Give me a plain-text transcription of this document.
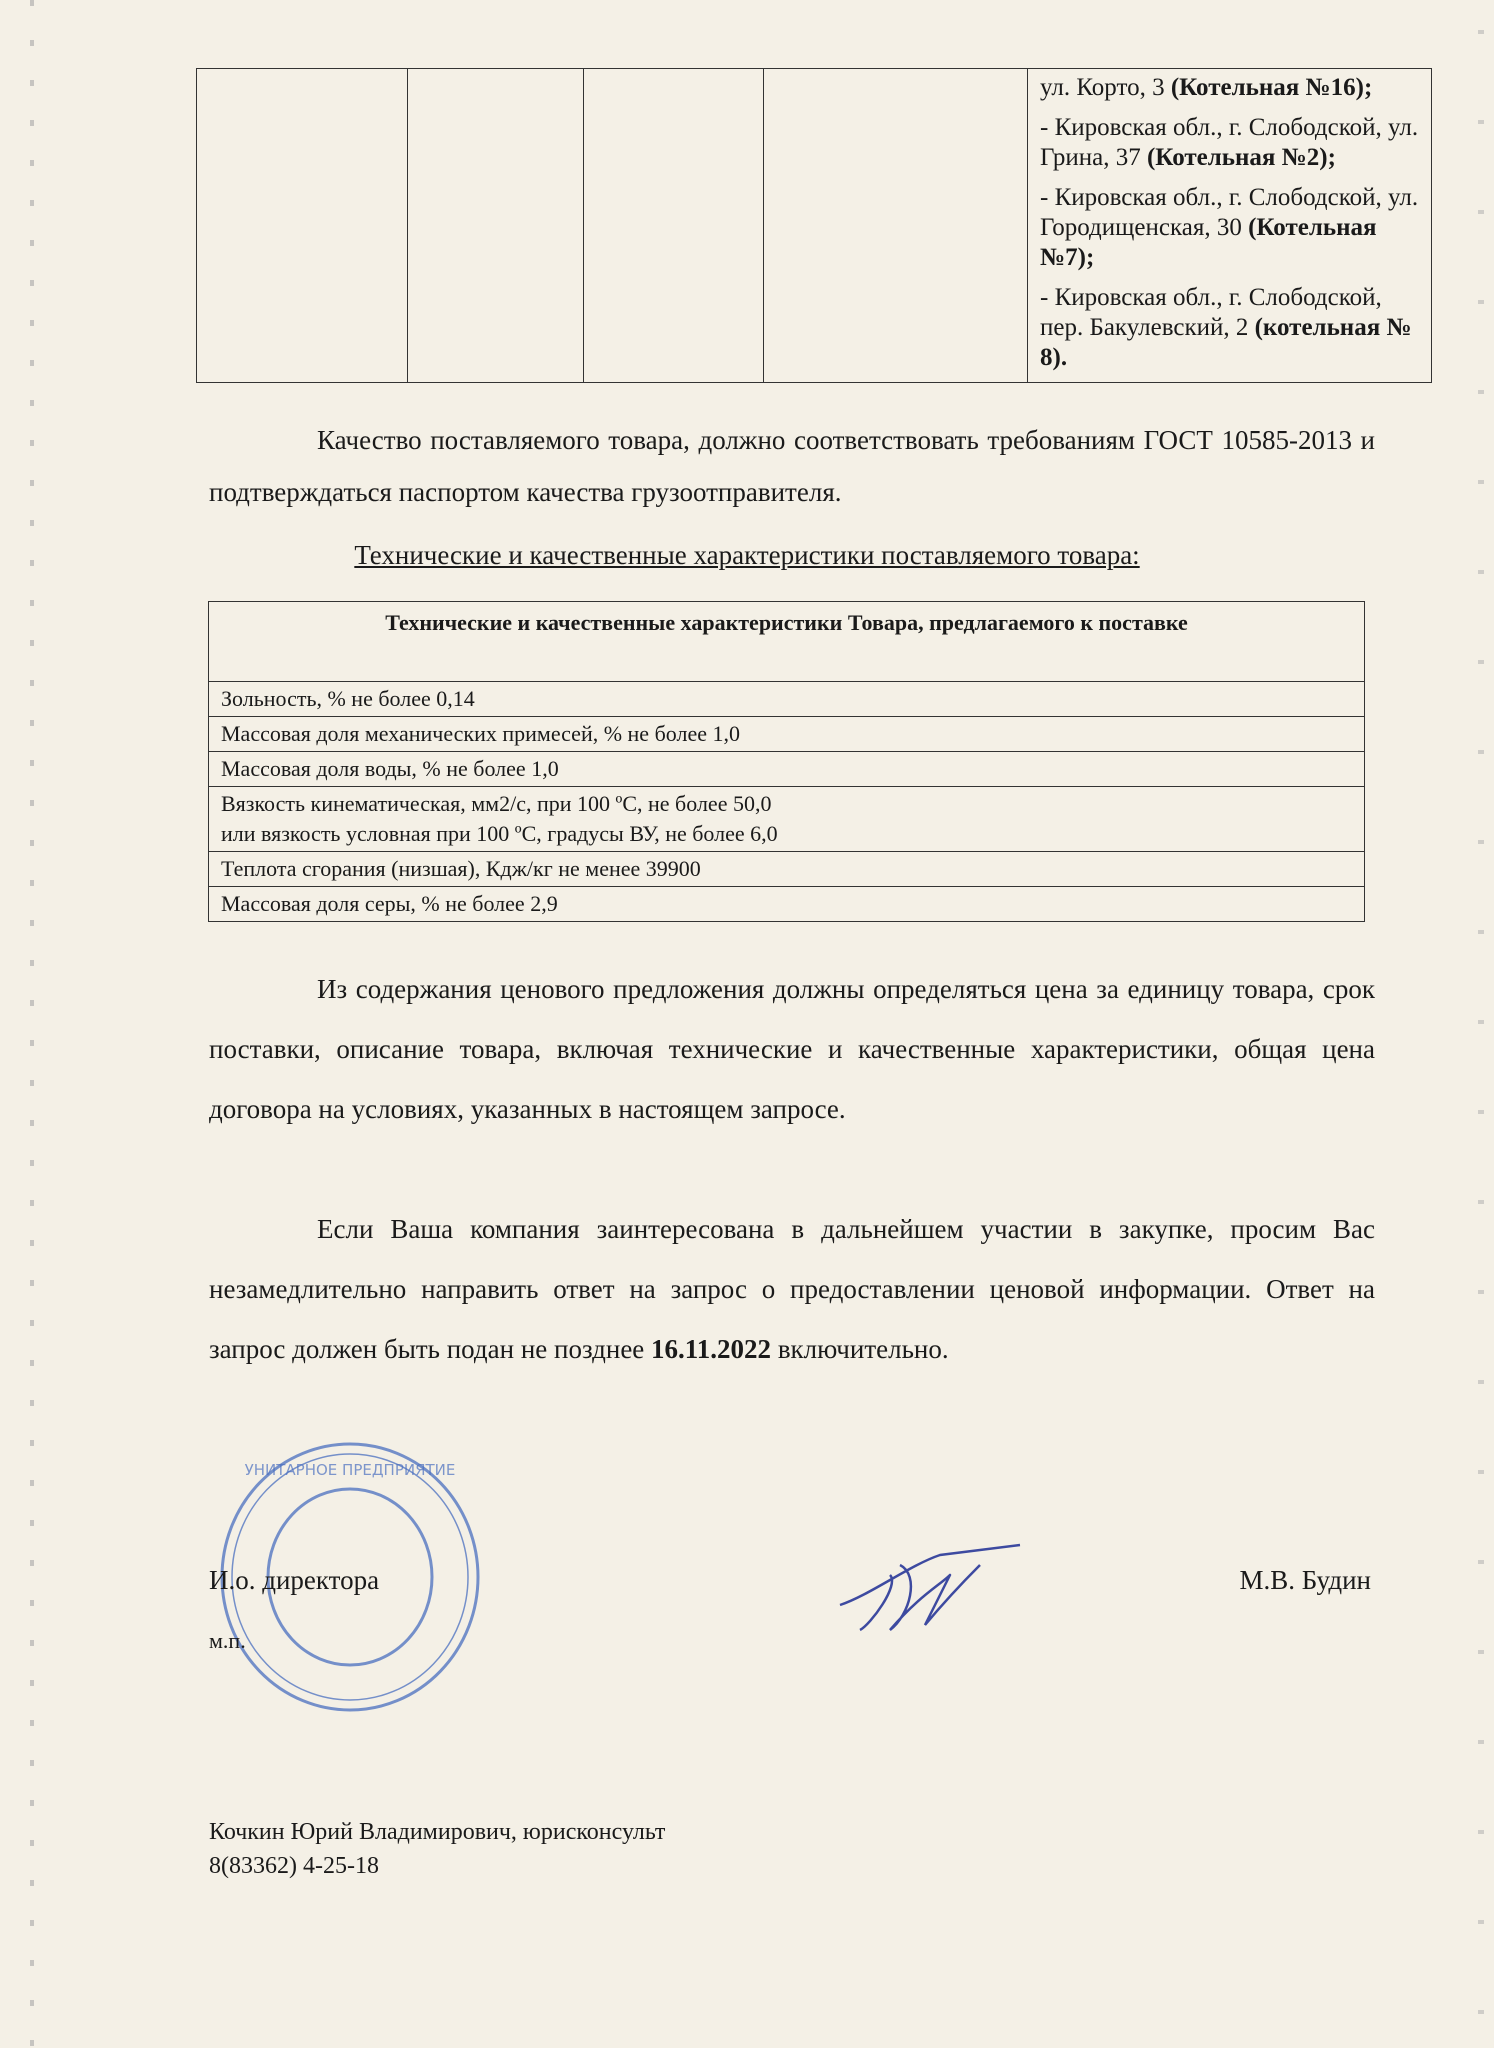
ул. Корто, 3 (Котельная №16);

- Кировская обл., г. Слободской, ул. Грина, 37 (Котельная №2);

- Кировская обл., г. Слободской, ул. Городищенская, 30 (Котельная №7);

- Кировская обл., г. Слободской, пер. Бакулевский, 2 (котельная № 8).

Качество поставляемого товара, должно соответствовать требованиям ГОСТ 10585-2013 и подтверждаться паспортом качества грузоотправителя.
Технические и качественные характеристики поставляемого товара:
Технические и качественные характеристики Товара, предлагаемого к поставке
Зольность, % не более 0,14
Массовая доля механических примесей, % не более 1,0
Массовая доля воды, % не более 1,0

Вязкость кинематическая, мм2/с, при 100 ºС, не более 50,0
или вязкость условная при 100 ºС, градусы ВУ, не более 6,0

Теплота сгорания (низшая), Кдж/кг не менее 39900
Массовая доля серы, % не более 2,9
Из содержания ценового предложения должны определяться цена за единицу товара, срок поставки, описание товара, включая технические и качественные характеристики, общая цена договора на условиях, указанных в настоящем запросе.
Если Ваша компания заинтересована в дальнейшем участии в закупке, просим Вас незамедлительно направить ответ на запрос о предоставлении ценовой информации. Ответ на запрос должен быть подан не позднее 16.11.2022 включительно.
УНИТАРНОЕ ПРЕДПРИЯТИЕ
И.о. директора
м.п.
М.В. Будин
Кочкин Юрий Владимирович, юрисконсульт
8(83362) 4-25-18
